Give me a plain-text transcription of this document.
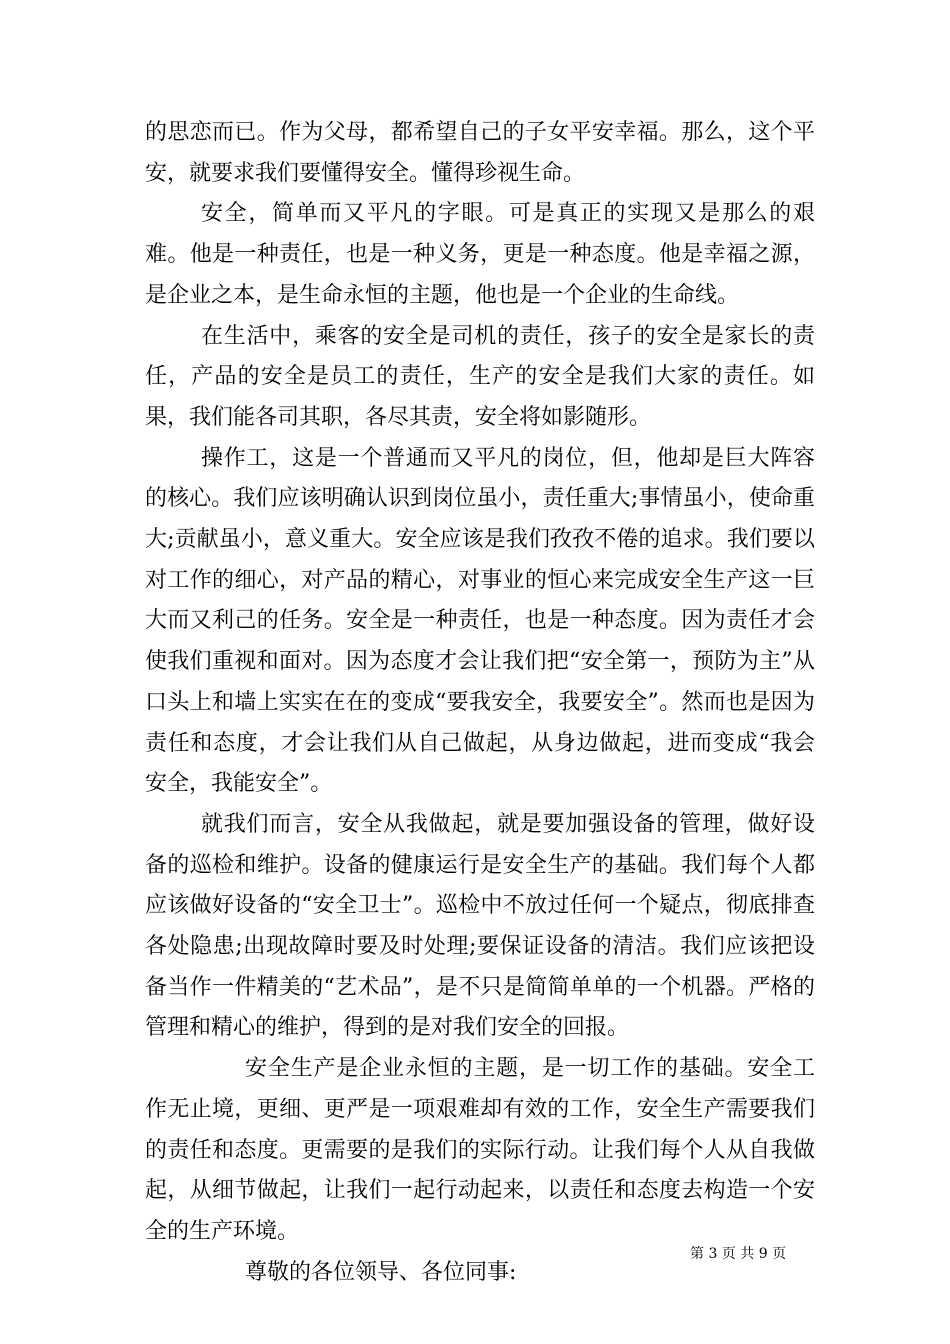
的思恋而已。作为父母，都希望自己的子女平安幸福。那么，这个平安，就要求我们要懂得安全。懂得珍视生命。

安全，简单而又平凡的字眼。可是真正的实现又是那么的艰难。他是一种责任，也是一种义务，更是一种态度。他是幸福之源，是企业之本，是生命永恒的主题，他也是一个企业的生命线。

在生活中，乘客的安全是司机的责任，孩子的安全是家长的责任，产品的安全是员工的责任，生产的安全是我们大家的责任。如果，我们能各司其职，各尽其责，安全将如影随形。

操作工，这是一个普通而又平凡的岗位，但，他却是巨大阵容的核心。我们应该明确认识到岗位虽小，责任重大;事情虽小，使命重大;贡献虽小，意义重大。安全应该是我们孜孜不倦的追求。我们要以对工作的细心，对产品的精心，对事业的恒心来完成安全生产这一巨大而又利己的任务。安全是一种责任，也是一种态度。因为责任才会使我们重视和面对。因为态度才会让我们把“安全第一，预防为主”从口头上和墙上实实在在的变成“要我安全，我要安全”。然而也是因为责任和态度，才会让我们从自己做起，从身边做起，进而变成“我会安全，我能安全”。

就我们而言，安全从我做起，就是要加强设备的管理，做好设备的巡检和维护。设备的健康运行是安全生产的基础。我们每个人都应该做好设备的“安全卫士”。巡检中不放过任何一个疑点，彻底排查各处隐患;出现故障时要及时处理;要保证设备的清洁。我们应该把设备当作一件精美的“艺术品”，是不只是简简单单的一个机器。严格的管理和精心的维护，得到的是对我们安全的回报。

安全生产是企业永恒的主题，是一切工作的基础。安全工作无止境，更细、更严是一项艰难却有效的工作，安全生产需要我们的责任和态度。更需要的是我们的实际行动。让我们每个人从自我做起，从细节做起，让我们一起行动起来，以责任和态度去构造一个安全的生产环境。

尊敬的各位领导、各位同事:

第 3 页 共 9 页
